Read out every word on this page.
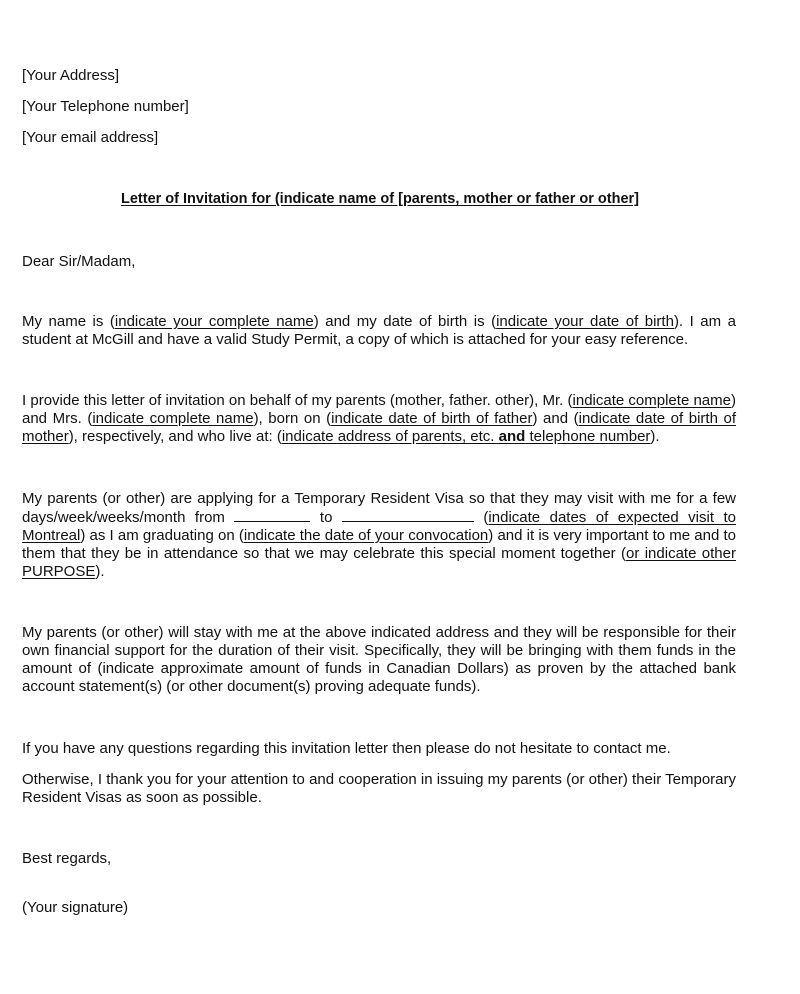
[Your Address]
[Your Telephone number]
[Your email address]
Letter of Invitation for (indicate name of [parents, mother or father or other]
Dear Sir/Madam,
My name is (indicate your complete name) and my date of birth is (indicate your date of birth). I am a student at McGill and have a valid Study Permit, a copy of which is attached for your easy reference.
I provide this letter of invitation on behalf of my parents (mother, father. other), Mr. (indicate complete name) and Mrs. (indicate complete name), born on (indicate date of birth of father) and (indicate date of birth of mother), respectively, and who live at: (indicate address of parents, etc. and telephone number).
My parents (or other) are applying for a Temporary Resident Visa so that they may visit with me for a few days/week/weeks/month from	to	(indicate dates of expected visit to Montreal) as I am graduating on (indicate the date of your convocation) and it is very important to me and to them that they be in attendance so that we may celebrate this special moment together (or indicate other PURPOSE).
My parents (or other) will stay with me at the above indicated address and they will be responsible for their own financial support for the duration of their visit. Specifically, they will be bringing with them funds in the amount of (indicate approximate amount of funds in Canadian Dollars) as proven by the attached bank account statement(s) (or other document(s) proving adequate funds).
If you have any questions regarding this invitation letter then please do not hesitate to contact me.
Otherwise, I thank you for your attention to and cooperation in issuing my parents (or other) their Temporary Resident Visas as soon as possible.
Best regards,
(Your signature)
